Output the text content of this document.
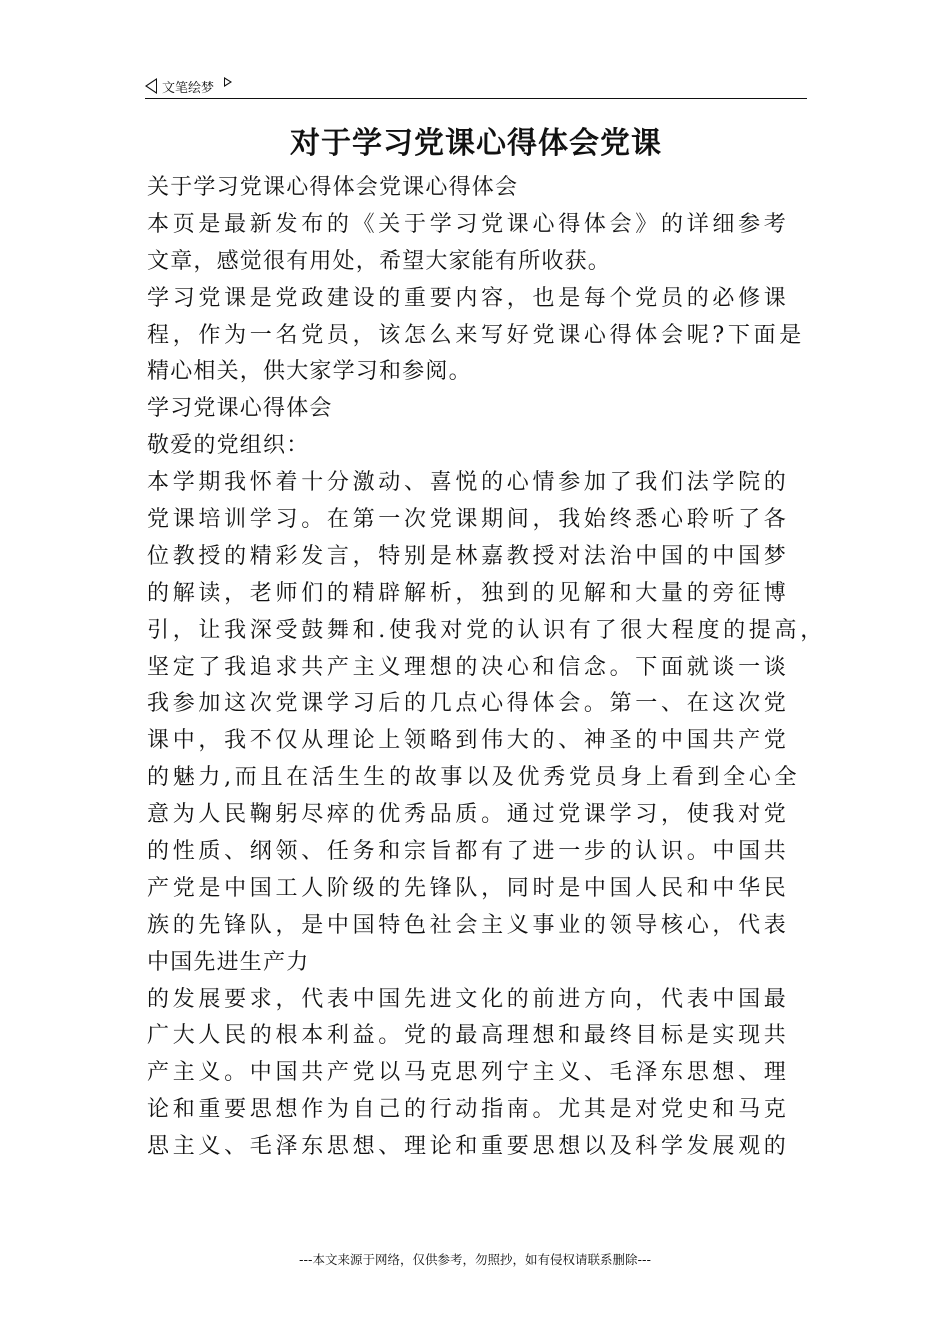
文笔绘梦
对于学习党课心得体会党课
关于学习党课心得体会党课心得体会
本页是最新发布的《关于学习党课心得体会》的详细参考
文章，感觉很有用处，希望大家能有所收获。
学习党课是党政建设的重要内容，也是每个党员的必修课
程，作为一名党员，该怎么来写好党课心得体会呢?下面是
精心相关，供大家学习和参阅。
学习党课心得体会
敬爱的党组织：
本学期我怀着十分激动、喜悦的心情参加了我们法学院的
党课培训学习。在第一次党课期间，我始终悉心聆听了各
位教授的精彩发言，特别是林嘉教授对法治中国的中国梦
的解读，老师们的精辟解析，独到的见解和大量的旁征博
引，让我深受鼓舞和.使我对党的认识有了很大程度的提高，
坚定了我追求共产主义理想的决心和信念。下面就谈一谈
我参加这次党课学习后的几点心得体会。第一、在这次党
课中，我不仅从理论上领略到伟大的、神圣的中国共产党
的魅力,而且在活生生的故事以及优秀党员身上看到全心全
意为人民鞠躬尽瘁的优秀品质。通过党课学习，使我对党
的性质、纲领、任务和宗旨都有了进一步的认识。中国共
产党是中国工人阶级的先锋队，同时是中国人民和中华民
族的先锋队，是中国特色社会主义事业的领导核心，代表
中国先进生产力
的发展要求，代表中国先进文化的前进方向，代表中国最
广大人民的根本利益。党的最高理想和最终目标是实现共
产主义。中国共产党以马克思列宁主义、毛泽东思想、理
论和重要思想作为自己的行动指南。尤其是对党史和马克
思主义、毛泽东思想、理论和重要思想以及科学发展观的
---本文来源于网络，仅供参考，勿照抄，如有侵权请联系删除---
